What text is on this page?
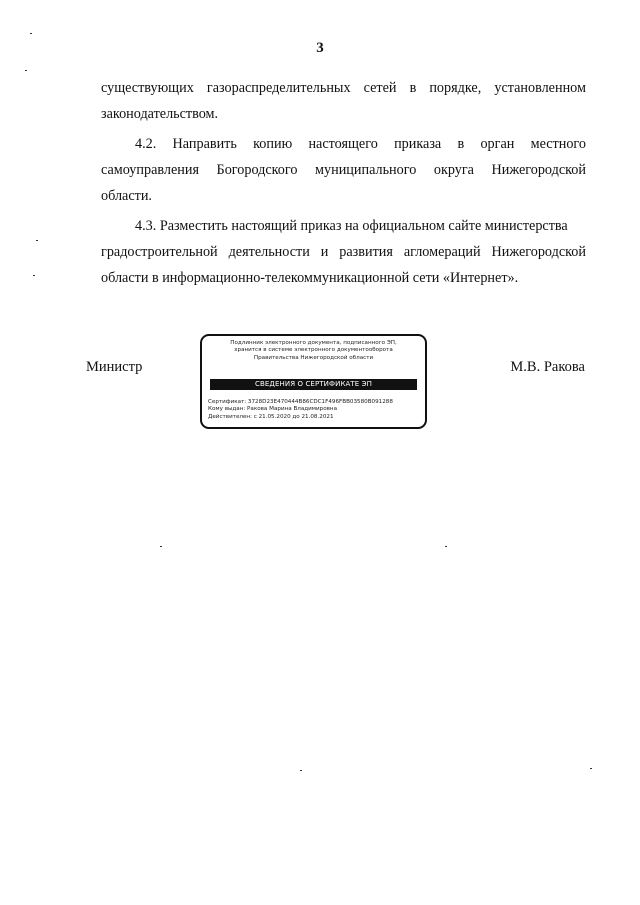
3

существующих газораспределительных сетей в порядке, установленном
законодательством.

4.2. Направить копию настоящего приказа в орган местного
самоуправления Богородского муниципального округа Нижегородской
области.

4.3. Разместить настоящий приказ на официальном сайте министерства
градостроительной деятельности и развития агломераций Нижегородской
области в информационно-телекоммуникационной сети «Интернет».

Министр	М.В. Ракова
Подлинник электронного документа, подписанного ЭП,
хранится в системе электронного документооборота
Правительства Нижегородской области
СВЕДЕНИЯ О СЕРТИФИКАТЕ ЭП
Сертификат: 3728D23E470444B86CDC1F496FBB03580B091288
Кому выдан: Ракова Марина Владимировна
Действителен: с 21.05.2020 до 21.08.2021
